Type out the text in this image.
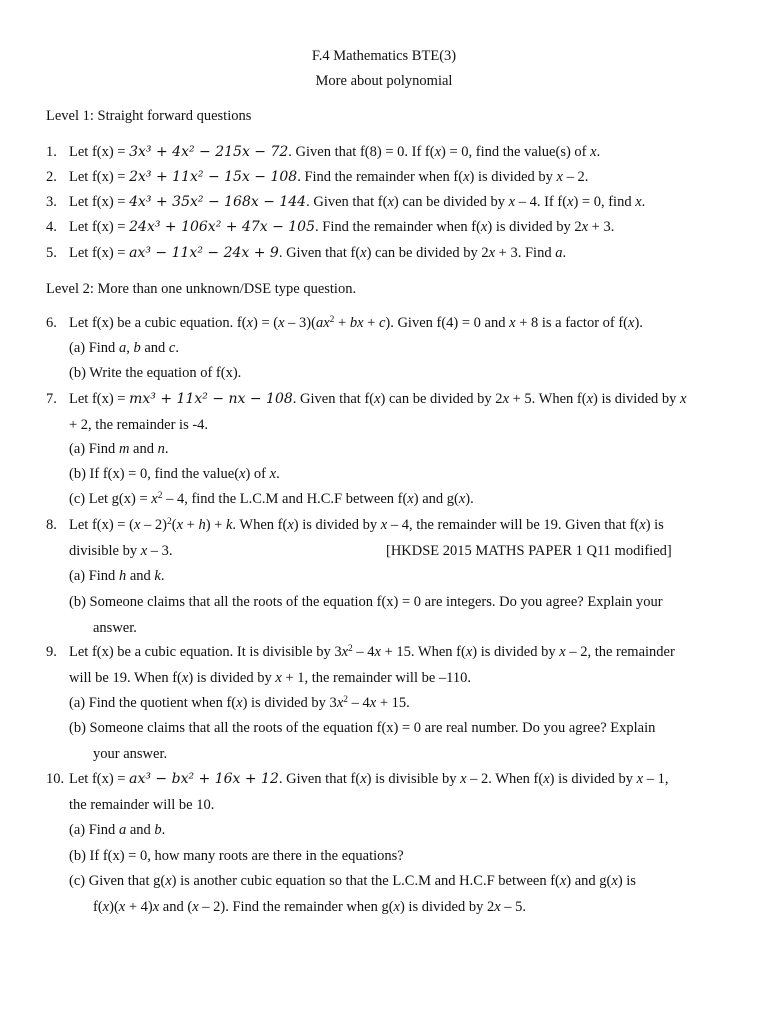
F.4 Mathematics BTE(3)
More about polynomial
Level 1: Straight forward questions
1. Let f(x) = 3x³ + 4x² − 215x − 72. Given that f(8) = 0. If f(x) = 0, find the value(s) of x.
2. Let f(x) = 2x³ + 11x² − 15x − 108. Find the remainder when f(x) is divided by x – 2.
3. Let f(x) = 4x³ + 35x² − 168x − 144. Given that f(x) can be divided by x – 4. If f(x) = 0, find x.
4. Let f(x) = 24x³ + 106x² + 47x − 105. Find the remainder when f(x) is divided by 2x + 3.
5. Let f(x) = ax³ − 11x² − 24x + 9. Given that f(x) can be divided by 2x + 3. Find a.
Level 2: More than one unknown/DSE type question.
6. Let f(x) be a cubic equation. $f(x) = (x - 3)(ax^2$ + bx + c). Given f(4) = 0 and x + 8 is a factor of f(x).
(a) Find a, b and c.
(b) Write the equation of f(x).
7. Let f(x) = mx³ + 11x² − nx − 108. Given that f(x) can be divided by 2x + 5. When f(x) is divided by x
+ 2, the remainder is -4.
(a) Find m and n.
(b) If f(x) = 0, find the value(x) of x.
(c) Let $g(x) = x^2 - 4$, find the L.C.M and H.C.F between f(x) and g(x).
8. Let f(x) = (x – 2)$^2$(x + h) + k. When f(x) is divided by x – 4, the remainder will be 19. Given that f(x) is
divisible by x – 3.	[HKDSE 2015 MATHS PAPER 1 Q11 modified]
(a) Find h and k.
(b) Someone claims that all the roots of the equation f(x) = 0 are integers. Do you agree? Explain your
answer.
9. Let f(x) be a cubic equation. It is divisible by $3x^2 - 4x + 15$. When f(x) is divided by x – 2, the remainder
will be 19. When f(x) is divided by x + 1, the remainder will be –110.
(a) Find the quotient when f(x) is divided by $3x^2 - 4x + 15$.
(b) Someone claims that all the roots of the equation f(x) = 0 are real number. Do you agree? Explain
your answer.
10. Let f(x) = ax³ − bx² + 16x + 12. Given that f(x) is divisible by x – 2. When f(x) is divided by x – 1,
the remainder will be 10.
(a) Find a and b.
(b) If f(x) = 0, how many roots are there in the equations?
(c) Given that g(x) is another cubic equation so that the L.C.M and H.C.F between f(x) and g(x) is
f(x)(x + 4)x and (x – 2). Find the remainder when g(x) is divided by 2x – 5.
